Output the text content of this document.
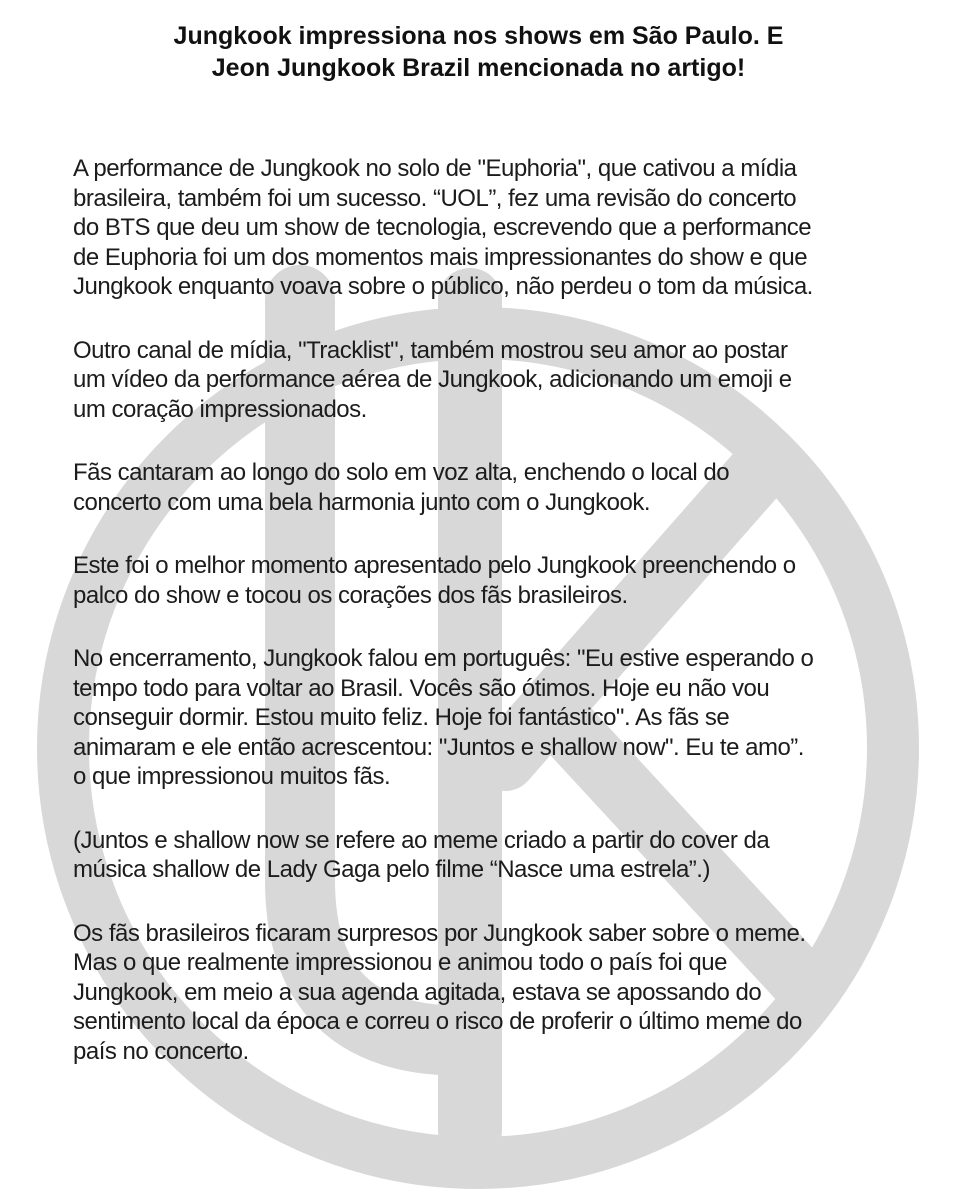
Jungkook impressiona nos shows em São Paulo. E
Jeon Jungkook Brazil mencionada no artigo!

A performance de Jungkook no solo de "Euphoria", que cativou a mídia
brasileira, também foi um sucesso. “UOL”, fez uma revisão do concerto
do BTS que deu um show de tecnologia, escrevendo que a performance
de Euphoria foi um dos momentos mais impressionantes do show e que
Jungkook enquanto voava sobre o público, não perdeu o tom da música.

Outro canal de mídia, "Tracklist", também mostrou seu amor ao postar
um vídeo da performance aérea de Jungkook, adicionando um emoji e
um coração impressionados.

Fãs cantaram ao longo do solo em voz alta, enchendo o local do
concerto com uma bela harmonia junto com o Jungkook.

Este foi o melhor momento apresentado pelo Jungkook preenchendo o
palco do show e tocou os corações dos fãs brasileiros.

No encerramento, Jungkook falou em português: "Eu estive esperando o
tempo todo para voltar ao Brasil. Vocês são ótimos. Hoje eu não vou
conseguir dormir. Estou muito feliz. Hoje foi fantástico". As fãs se
animaram e ele então acrescentou: "Juntos e shallow now". Eu te amo”.
o que impressionou muitos fãs.

(Juntos e shallow now se refere ao meme criado a partir do cover da
música shallow de Lady Gaga pelo filme “Nasce uma estrela”.)

Os fãs brasileiros ficaram surpresos por Jungkook saber sobre o meme.
Mas o que realmente impressionou e animou todo o país foi que
Jungkook, em meio a sua agenda agitada, estava se apossando do
sentimento local da época e correu o risco de proferir o último meme do
país no concerto.
